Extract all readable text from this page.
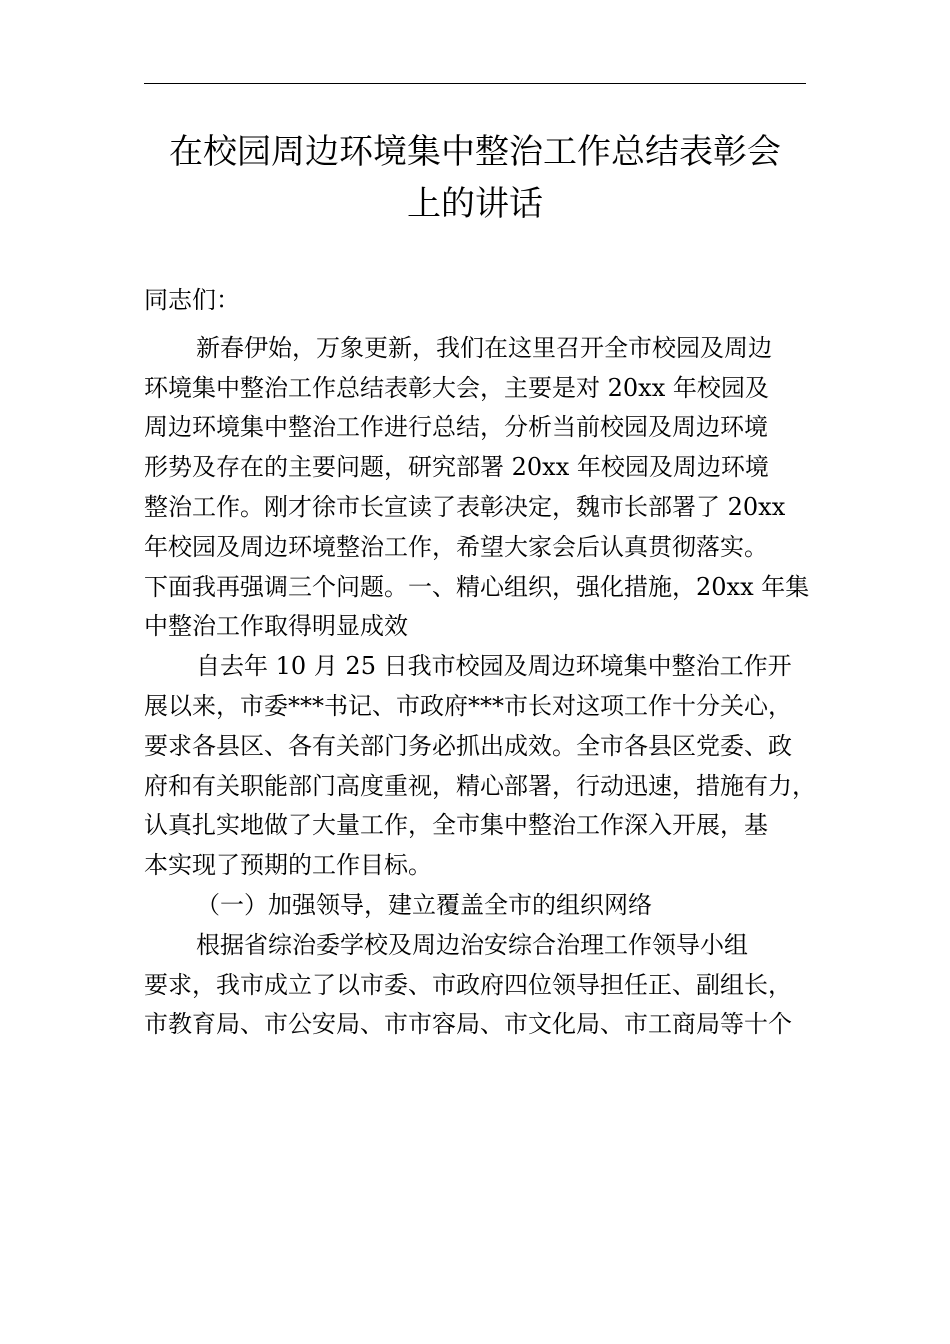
在校园周边环境集中整治工作总结表彰会
上的讲话

同志们：

新春伊始，万象更新，我们在这里召开全市校园及周边
环境集中整治工作总结表彰大会，主要是对 20xx 年校园及
周边环境集中整治工作进行总结，分析当前校园及周边环境
形势及存在的主要问题，研究部署 20xx 年校园及周边环境
整治工作。刚才徐市长宣读了表彰决定，魏市长部署了 20xx
年校园及周边环境整治工作，希望大家会后认真贯彻落实。
下面我再强调三个问题。一、精心组织，强化措施，20xx 年集
中整治工作取得明显成效

自去年 10 月 25 日我市校园及周边环境集中整治工作开
展以来，市委***书记、市政府***市长对这项工作十分关心，
要求各县区、各有关部门务必抓出成效。全市各县区党委、政
府和有关职能部门高度重视，精心部署，行动迅速，措施有力，
认真扎实地做了大量工作，全市集中整治工作深入开展，基
本实现了预期的工作目标。

（一）加强领导，建立覆盖全市的组织网络

根据省综治委学校及周边治安综合治理工作领导小组
要求，我市成立了以市委、市政府四位领导担任正、副组长，
市教育局、市公安局、市市容局、市文化局、市工商局等十个
